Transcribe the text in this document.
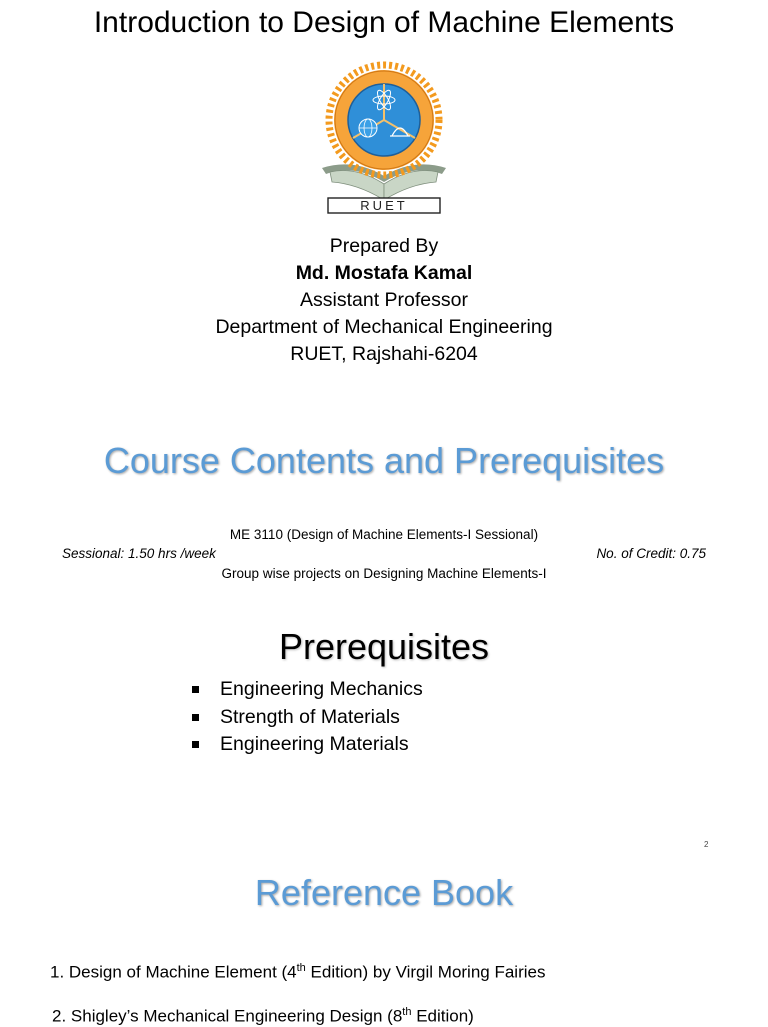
Introduction to Design of Machine Elements
RUET
Prepared By
Md. Mostafa Kamal
Assistant Professor
Department of Mechanical Engineering
RUET, Rajshahi-6204
Course Contents and Prerequisites
ME 3110 (Design of Machine Elements-I Sessional)
Sessional: 1.50 hrs /week	No. of Credit: 0.75
Group wise projects on Designing Machine Elements-I
Prerequisites
Engineering Mechanics
Strength of Materials
Engineering Materials
2
Reference Book
1. Design of Machine Element (4th Edition) by Virgil Moring Fairies
2. Shigley’s Mechanical Engineering Design (8th Edition)
